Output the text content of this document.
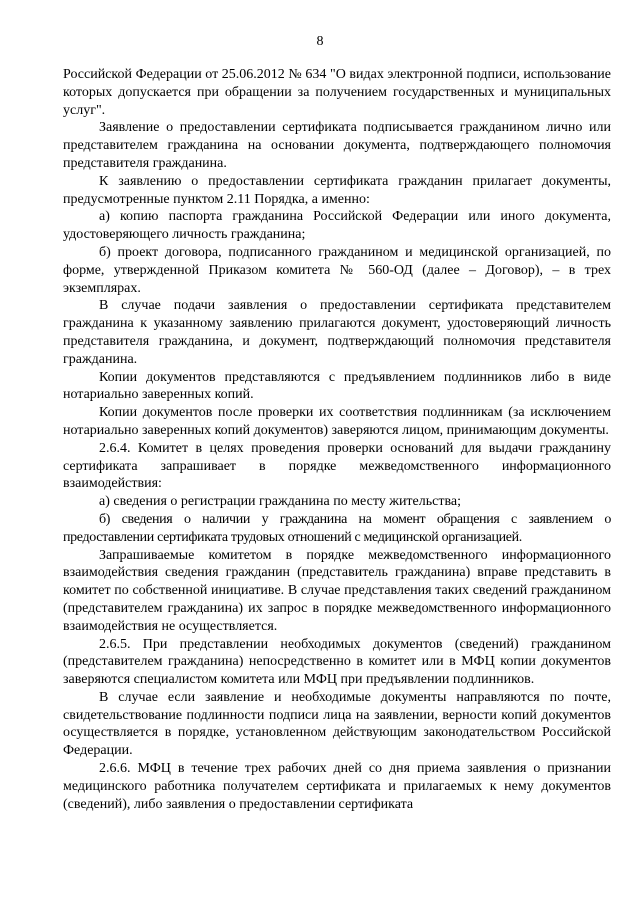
8

Российской Федерации от 25.06.2012 № 634 "О видах электронной подписи, использование которых допускается при обращении за получением государственных и муниципальных услуг".

Заявление о предоставлении сертификата подписывается гражданином лично или представителем гражданина на основании документа, подтверждающего полномочия представителя гражданина.

К заявлению о предоставлении сертификата гражданин прилагает документы, предусмотренные пунктом 2.11 Порядка, а именно:

а) копию паспорта гражданина Российской Федерации или иного документа, удостоверяющего личность гражданина;

б) проект договора, подписанного гражданином и медицинской организацией, по форме, утвержденной Приказом комитета № 560-ОД (далее – Договор), – в трех экземплярах.

В случае подачи заявления о предоставлении сертификата представителем гражданина к указанному заявлению прилагаются документ, удостоверяющий личность представителя гражданина, и документ, подтверждающий полномочия представителя гражданина.

Копии документов представляются с предъявлением подлинников либо в виде нотариально заверенных копий.

Копии документов после проверки их соответствия подлинникам (за исключением нотариально заверенных копий документов) заверяются лицом, принимающим документы.

2.6.4. Комитет в целях проведения проверки оснований для выдачи гражданину сертификата запрашивает в порядке межведомственного информационного взаимодействия:

а) сведения о регистрации гражданина по месту жительства;

б) сведения о наличии у гражданина на момент обращения с заявлением о предоставлении сертификата трудовых отношений с медицинской организацией.

Запрашиваемые комитетом в порядке межведомственного информационного взаимодействия сведения гражданин (представитель гражданина) вправе представить в комитет по собственной инициативе. В случае представления таких сведений гражданином (представителем гражданина) их запрос в порядке межведомственного информационного взаимодействия не осуществляется.

2.6.5. При представлении необходимых документов (сведений) гражданином (представителем гражданина) непосредственно в комитет или в МФЦ копии документов заверяются специалистом комитета или МФЦ при предъявлении подлинников.

В случае если заявление и необходимые документы направляются по почте, свидетельствование подлинности подписи лица на заявлении, верности копий документов осуществляется в порядке, установленном действующим законодательством Российской Федерации.

2.6.6. МФЦ в течение трех рабочих дней со дня приема заявления о признании медицинского работника получателем сертификата и прилагаемых к нему документов (сведений), либо заявления о предоставлении сертификата
